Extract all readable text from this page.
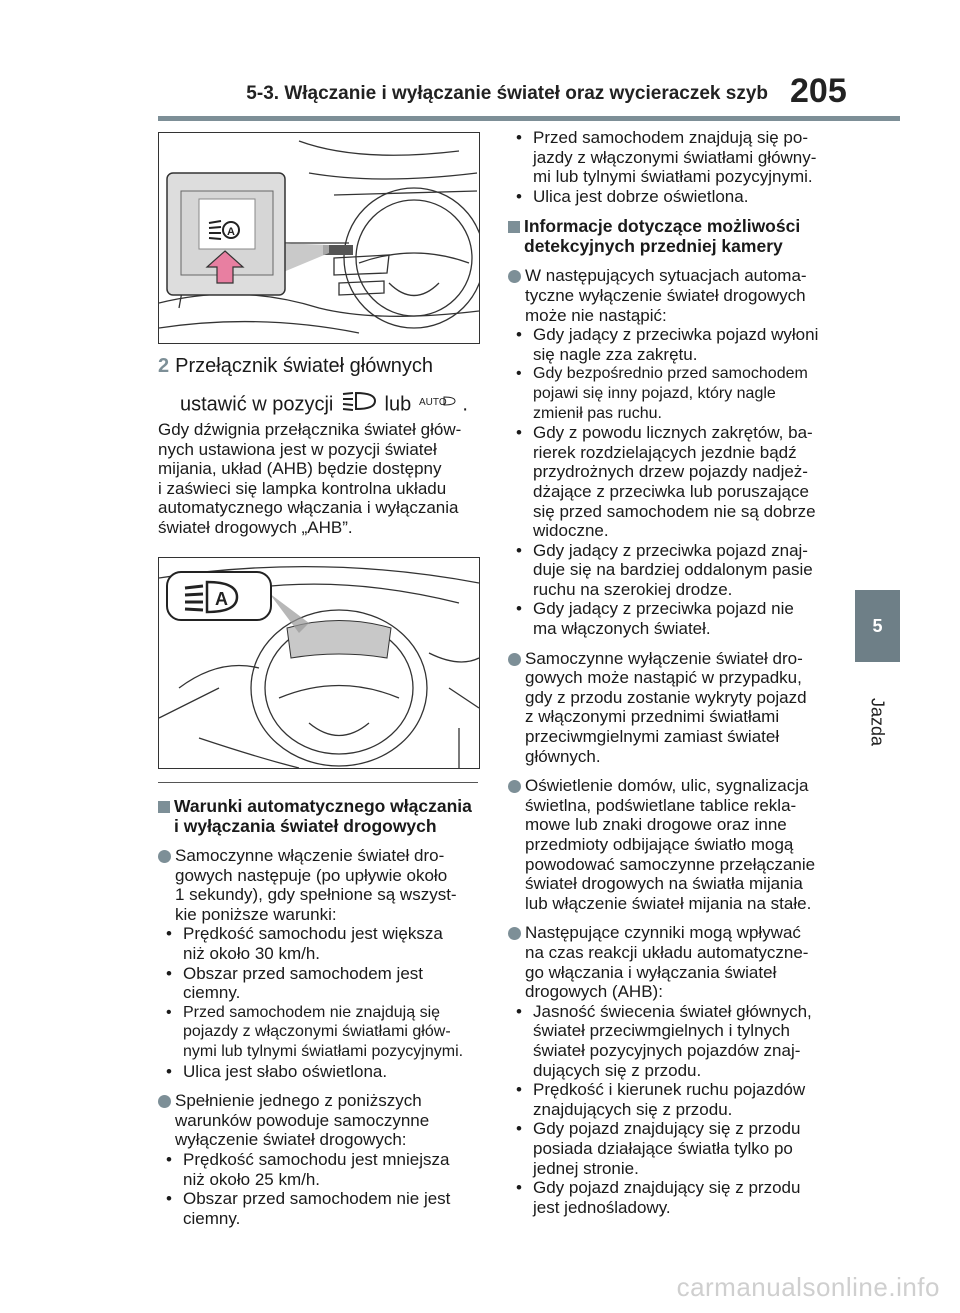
5-3. Włączanie i wyłączanie świateł oraz wycieraczek szyb 205
5
Jazda
A
2 Przełącznik świateł głównych
ustawić w pozycji	lub AUTO .
Gdy dźwignia przełącznika świateł głów-
nych ustawiona jest w pozycji świateł
mijania, układ (AHB) będzie dostępny
i zaświeci się lampka kontrolna układu
automatycznego włączania i wyłączania
świateł drogowych „AHB”.
A
Warunki automatycznego włączania
i wyłączania świateł drogowych
Samoczynne włączenie świateł dro-
gowych następuje (po upływie około
1 sekundy), gdy spełnione są wszyst-
kie poniższe warunki:
• Prędkość samochodu jest większa
niż około 30 km/h.
• Obszar przed samochodem jest
ciemny.
• Przed samochodem nie znajdują się
pojazdy z włączonymi światłami głów-
nymi lub tylnymi światłami pozycyjnymi.
• Ulica jest słabo oświetlona.
Spełnienie jednego z poniższych
warunków powoduje samoczynne
wyłączenie świateł drogowych:
• Prędkość samochodu jest mniejsza
niż około 25 km/h.
• Obszar przed samochodem nie jest
ciemny.
• Przed samochodem znajdują się po-
jazdy z włączonymi światłami główny-
mi lub tylnymi światłami pozycyjnymi.
• Ulica jest dobrze oświetlona.
Informacje dotyczące możliwości
detekcyjnych przedniej kamery
W następujących sytuacjach automa-
tyczne wyłączenie świateł drogowych
może nie nastąpić:
• Gdy jadący z przeciwka pojazd wyłoni
się nagle zza zakrętu.
• Gdy bezpośrednio przed samochodem
pojawi się inny pojazd, który nagle
zmienił pas ruchu.
• Gdy z powodu licznych zakrętów, ba-
rierek rozdzielających jezdnie bądź
przydrożnych drzew pojazdy nadjeż-
dżające z przeciwka lub poruszające
się przed samochodem nie są dobrze
widoczne.
• Gdy jadący z przeciwka pojazd znaj-
duje się na bardziej oddalonym pasie
ruchu na szerokiej drodze.
• Gdy jadący z przeciwka pojazd nie
ma włączonych świateł.
Samoczynne wyłączenie świateł dro-
gowych może nastąpić w przypadku,
gdy z przodu zostanie wykryty pojazd
z włączonymi przednimi światłami
przeciwmgielnymi zamiast świateł
głównych.
Oświetlenie domów, ulic, sygnalizacja
świetlna, podświetlane tablice rekla-
mowe lub znaki drogowe oraz inne
przedmioty odbijające światło mogą
powodować samoczynne przełączanie
świateł drogowych na światła mijania
lub włączenie świateł mijania na stałe.
Następujące czynniki mogą wpływać
na czas reakcji układu automatyczne-
go włączania i wyłączania świateł
drogowych (AHB):
• Jasność świecenia świateł głównych,
świateł przeciwmgielnych i tylnych
świateł pozycyjnych pojazdów znaj-
dujących się z przodu.
• Prędkość i kierunek ruchu pojazdów
znajdujących się z przodu.
• Gdy pojazd znajdujący się z przodu
posiada działające światła tylko po
jednej stronie.
• Gdy pojazd znajdujący się z przodu
jest jednośladowy.
carmanualsonline.info
